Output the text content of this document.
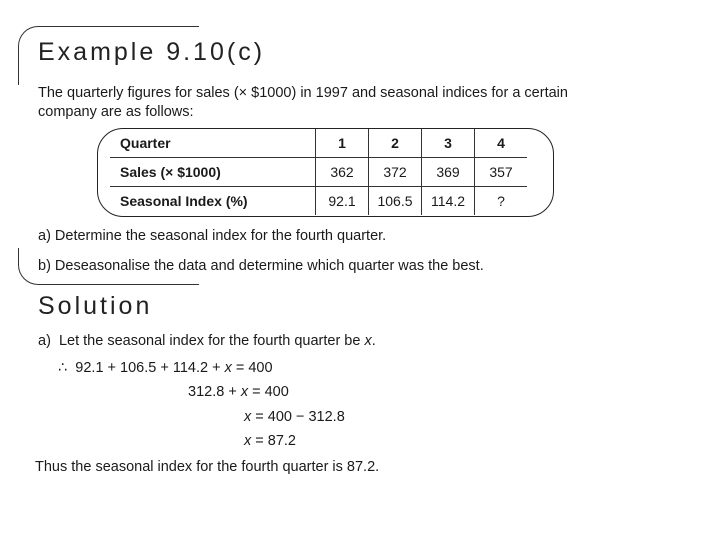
Example 9.10(c)
The quarterly figures for sales (× $1000) in 1997 and seasonal indices for a certain company are as follows:
Quarter	1	2	3	4
Sales (× $1000)	362	372	369	357
Seasonal Index (%)	92.1	106.5	114.2	?
a) Determine the seasonal index for the fourth quarter.
b) Deseasonalise the data and determine which quarter was the best.
Solution
a)  Let the seasonal index for the fourth quarter be x.
∴  92.1 + 106.5 + 114.2 + x = 400
312.8 + x = 400
x = 400 − 312.8
x = 87.2
Thus the seasonal index for the fourth quarter is 87.2.
